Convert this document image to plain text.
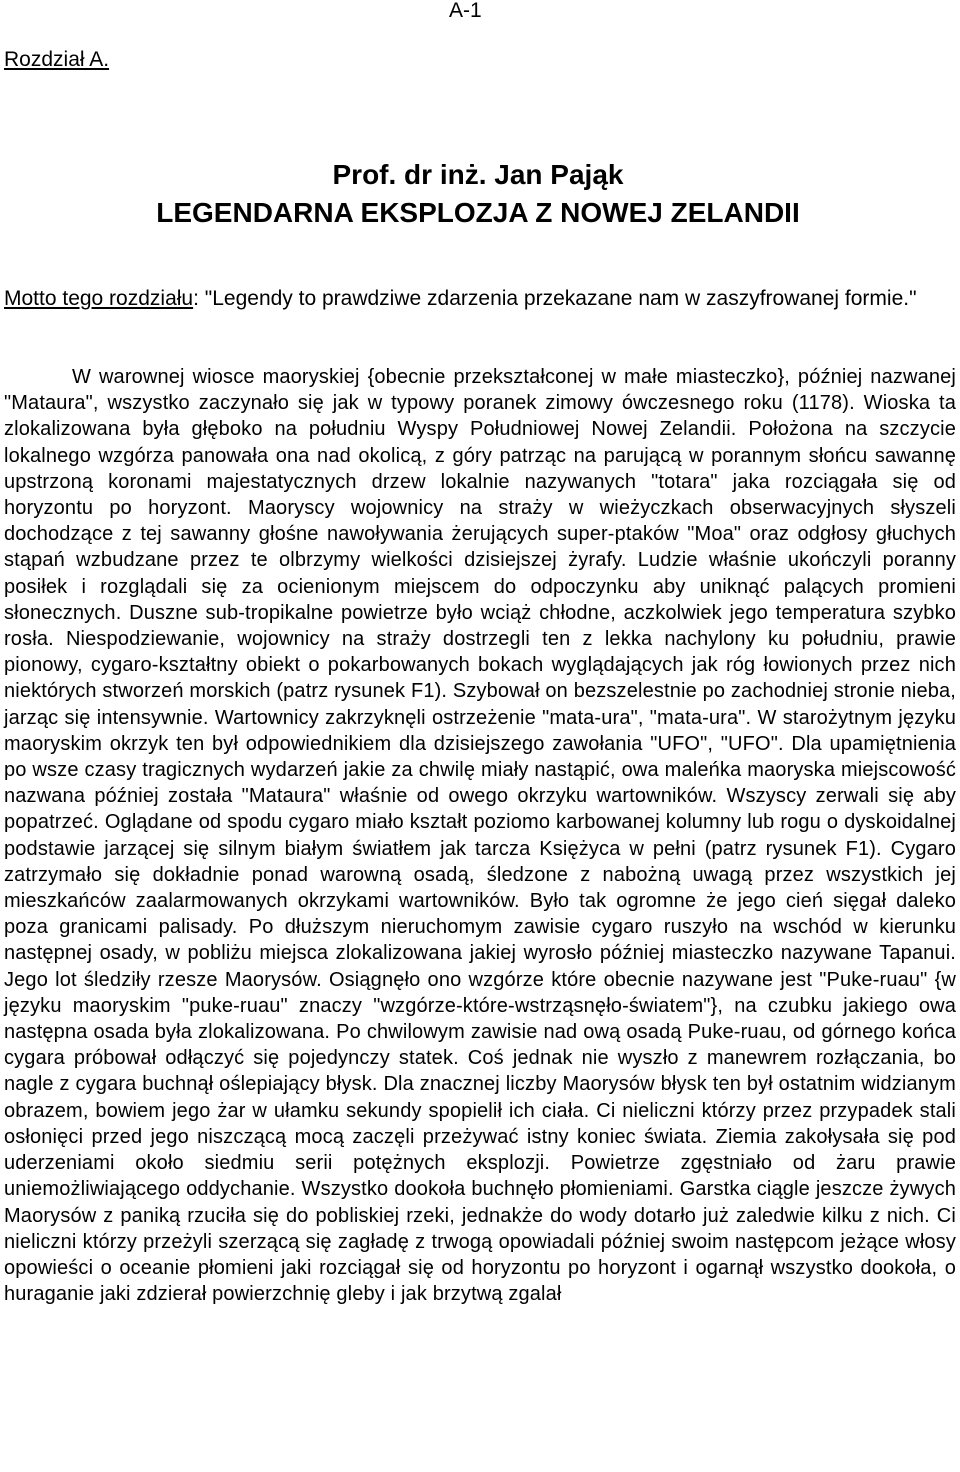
A-1
Rozdział A.
Prof. dr inż. Jan Pająk
LEGENDARNA EKSPLOZJA Z NOWEJ ZELANDII
Motto tego rozdziału: "Legendy to prawdziwe zdarzenia przekazane nam w zaszyfrowanej formie."
W warownej wiosce maoryskiej {obecnie przekształconej w małe miasteczko}, później nazwanej "Mataura", wszystko zaczynało się jak w typowy poranek zimowy ówczesnego roku (1178). Wioska ta zlokalizowana była głęboko na południu Wyspy Południowej Nowej Zelandii. Położona na szczycie lokalnego wzgórza panowała ona nad okolicą, z góry patrząc na parującą w porannym słońcu sawannę upstrzoną koronami majestatycznych drzew lokalnie nazywanych "totara" jaka rozciągała się od horyzontu po horyzont. Maoryscy wojownicy na straży w wieżyczkach obserwacyjnych słyszeli dochodzące z tej sawanny głośne nawoływania żerujących super-ptaków "Moa" oraz odgłosy głuchych stąpań wzbudzane przez te olbrzymy wielkości dzisiejszej żyrafy. Ludzie właśnie ukończyli poranny posiłek i rozglądali się za ocienionym miejscem do odpoczynku aby uniknąć palących promieni słonecznych. Duszne sub-tropikalne powietrze było wciąż chłodne, aczkolwiek jego temperatura szybko rosła. Niespodziewanie, wojownicy na straży dostrzegli ten z lekka nachylony ku południu, prawie pionowy, cygaro-kształtny obiekt o pokarbowanych bokach wyglądających jak róg łowionych przez nich niektórych stworzeń morskich (patrz rysunek F1). Szybował on bezszelestnie po zachodniej stronie nieba, jarząc się intensywnie. Wartownicy zakrzyknęli ostrzeżenie "mata-ura", "mata-ura". W starożytnym języku maoryskim okrzyk ten był odpowiednikiem dla dzisiejszego zawołania "UFO", "UFO". Dla upamiętnienia po wsze czasy tragicznych wydarzeń jakie za chwilę miały nastąpić, owa maleńka maoryska miejscowość nazwana później została "Mataura" właśnie od owego okrzyku wartowników. Wszyscy zerwali się aby popatrzeć. Oglądane od spodu cygaro miało kształt poziomo karbowanej kolumny lub rogu o dyskoidalnej podstawie jarzącej się silnym białym światłem jak tarcza Księżyca w pełni (patrz rysunek F1). Cygaro zatrzymało się dokładnie ponad warowną osadą, śledzone z nabożną uwagą przez wszystkich jej mieszkańców zaalarmowanych okrzykami wartowników. Było tak ogromne że jego cień sięgał daleko poza granicami palisady. Po dłuższym nieruchomym zawisie cygaro ruszyło na wschód w kierunku następnej osady, w pobliżu miejsca zlokalizowana jakiej wyrosło później miasteczko nazywane Tapanui. Jego lot śledziły rzesze Maorysów. Osiągnęło ono wzgórze które obecnie nazywane jest "Puke-ruau" {w języku maoryskim "puke-ruau" znaczy "wzgórze-które-wstrząsnęło-światem"}, na czubku jakiego owa następna osada była zlokalizowana. Po chwilowym zawisie nad ową osadą Puke-ruau, od górnego końca cygara próbował odłączyć się pojedynczy statek. Coś jednak nie wyszło z manewrem rozłączania, bo nagle z cygara buchnął oślepiający błysk. Dla znacznej liczby Maorysów błysk ten był ostatnim widzianym obrazem, bowiem jego żar w ułamku sekundy spopielił ich ciała. Ci nieliczni którzy przez przypadek stali osłonięci przed jego niszczącą mocą zaczęli przeżywać istny koniec świata. Ziemia zakołysała się pod uderzeniami około siedmiu serii potężnych eksplozji. Powietrze zgęstniało od żaru prawie uniemożliwiającego oddychanie. Wszystko dookoła buchnęło płomieniami. Garstka ciągle jeszcze żywych Maorysów z paniką rzuciła się do pobliskiej rzeki, jednakże do wody dotarło już zaledwie kilku z nich. Ci nieliczni którzy przeżyli szerzącą się zagładę z trwogą opowiadali później swoim następcom jeżące włosy opowieści o oceanie płomieni jaki rozciągał się od horyzontu po horyzont i ogarnął wszystko dookoła, o huraganie jaki zdzierał powierzchnię gleby i jak brzytwą zgalał
